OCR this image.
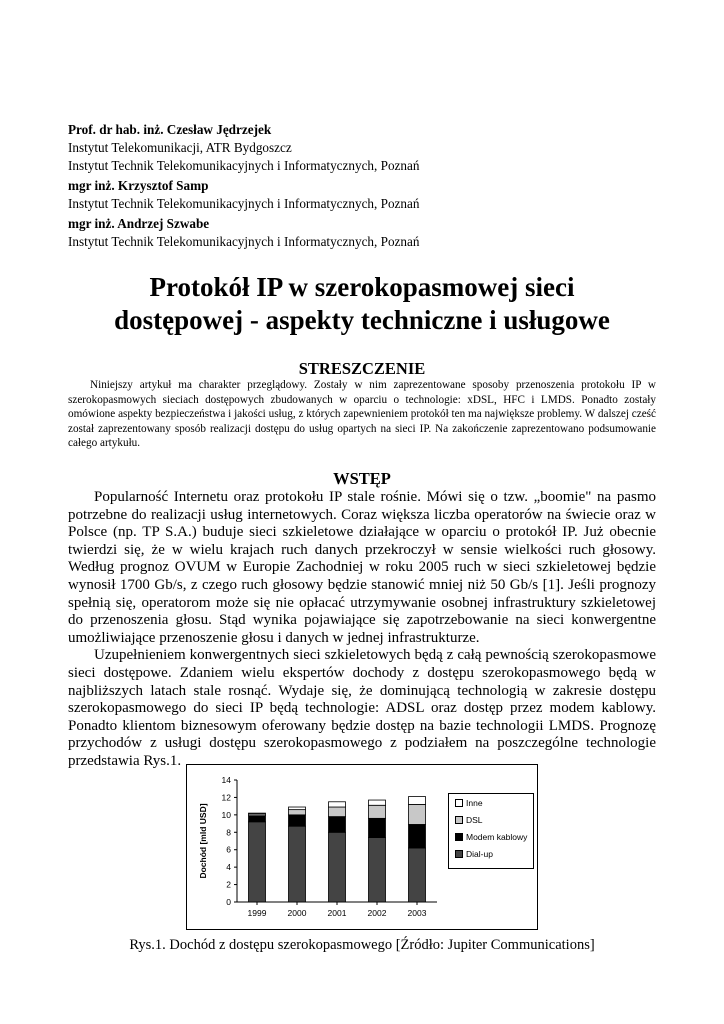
Prof. dr hab. inż. Czesław Jędrzejek
Instytut Telekomunikacji, ATR Bydgoszcz
Instytut Technik Telekomunikacyjnych i Informatycznych, Poznań
mgr inż. Krzysztof Samp
Instytut Technik Telekomunikacyjnych i Informatycznych, Poznań
mgr inż. Andrzej Szwabe
Instytut Technik Telekomunikacyjnych i Informatycznych, Poznań
Protokół IP w szerokopasmowej sieci
dostępowej - aspekty techniczne i usługowe
STRESZCZENIE

Niniejszy artykuł ma charakter przeglądowy. Zostały w nim zaprezentowane sposoby przenoszenia protokołu IP w szerokopasmowych sieciach dostępowych zbudowanych w oparciu o technologie: xDSL, HFC i LMDS. Ponadto zostały omówione aspekty bezpieczeństwa i jakości usług, z których zapewnieniem protokół ten ma największe problemy. W dalszej cześć został zaprezentowany sposób realizacji dostępu do usług opartych na sieci IP. Na zakończenie zaprezentowano podsumowanie całego artykułu.

WSTĘP

Popularność Internetu oraz protokołu IP stale rośnie. Mówi się o tzw. „boomie" na pasmo potrzebne do realizacji usług internetowych. Coraz większa liczba operatorów na świecie oraz w Polsce (np. TP S.A.) buduje sieci szkieletowe działające w oparciu o protokół IP. Już obecnie twierdzi się, że w wielu krajach ruch danych przekroczył w sensie wielkości ruch głosowy. Według prognoz OVUM w Europie Zachodniej w roku 2005 ruch w sieci szkieletowej będzie wynosił 1700 Gb/s, z czego ruch głosowy będzie stanowić mniej niż 50 Gb/s [1]. Jeśli prognozy spełnią się, operatorom może się nie opłacać utrzymywanie osobnej infrastruktury szkieletowej do przenoszenia głosu. Stąd wynika pojawiające się zapotrzebowanie na sieci konwergentne umożliwiające przenoszenie głosu i danych w jednej infrastrukturze.

Uzupełnieniem konwergentnych sieci szkieletowych będą z całą pewnością szerokopasmowe sieci dostępowe. Zdaniem wielu ekspertów dochody z dostępu szerokopasmowego będą w najbliższych latach stale rosnąć. Wydaje się, że dominującą technologią w zakresie dostępu szerokopasmowego do sieci IP będą technologie: ADSL oraz dostęp przez modem kablowy. Ponadto klientom biznesowym oferowany będzie dostęp na bazie technologii LMDS. Prognozę przychodów z usługi dostępu szerokopasmowego z podziałem na poszczególne technologie przedstawia Rys.1.

0
2
4
6
8
10
12
14
Dochód [mld USD]
1999 2000 2001 2002 2003
Inne
DSL
Modem kablowy
Dial-up
Rys.1. Dochód z dostępu szerokopasmowego [Źródło: Jupiter Communications]
